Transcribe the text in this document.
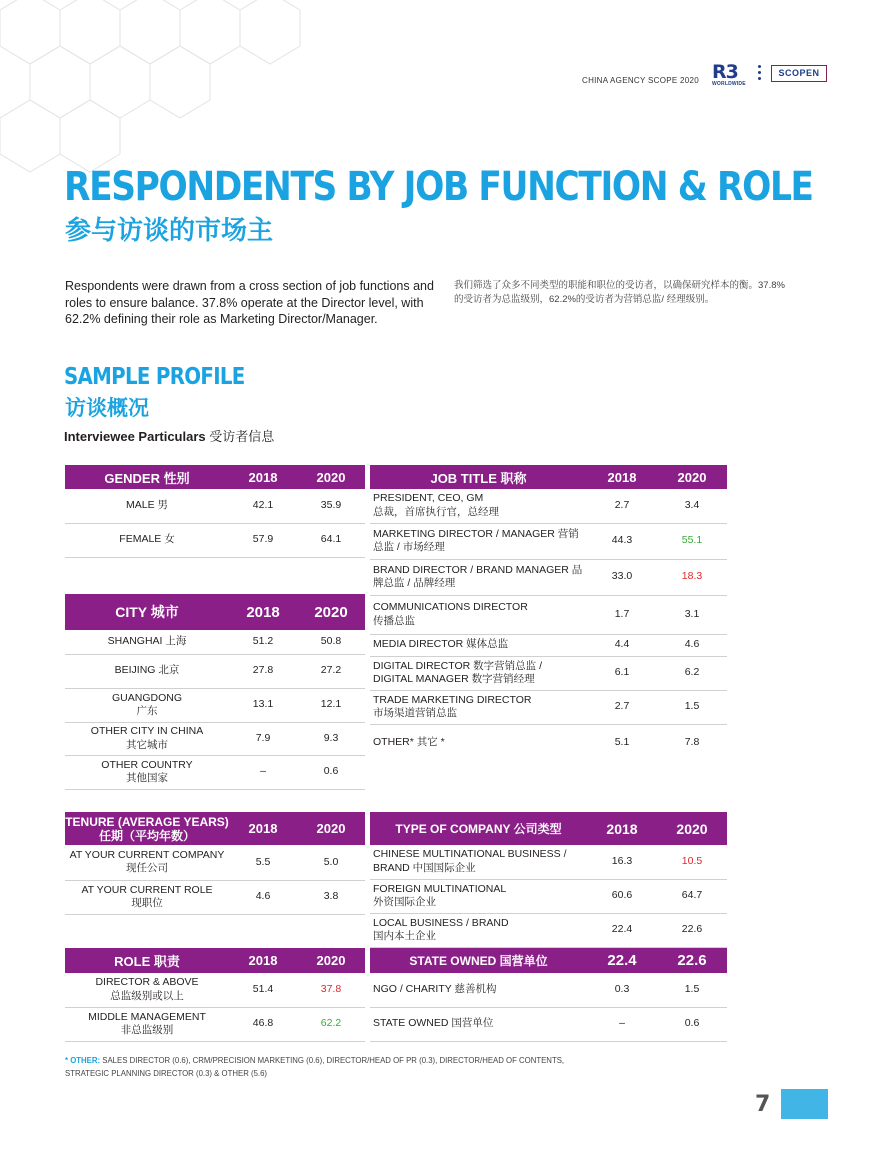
CHINA AGENCY SCOPE 2020 R3
WORLDWIDE
SCOPEN
RESPONDENTS BY JOB FUNCTION & ROLE
参与访谈的市场主
Respondents were drawn from a cross section of job functions and roles to ensure balance. 37.8% operate at the Director level, with 62.2% defining their role as Marketing Director/Manager.
我们筛选了众多不同类型的职能和职位的受访者，以确保研究样本的衡。37.8%的受访者为总监级别，62.2%的受访者为营销总监/ 经理级别。
SAMPLE PROFILE
访谈概况
Interviewee Particulars 受访者信息
GENDER 性别	2018	2020
MALE 男	42.1	35.9
FEMALE 女	57.9	64.1
CITY 城市	2018	2020
SHANGHAI 上海	51.2	50.8
BEIJING 北京	27.8	27.2
GUANGDONG
广东	13.1	12.1
OTHER CITY IN CHINA
其它城市	7.9	9.3
OTHER COUNTRY
其他国家	–	0.6
JOB TITLE 职称	2018	2020
PRESIDENT, CEO, GM
总裁，首席执行官，总经理	2.7	3.4
MARKETING DIRECTOR / MANAGER 营销
总监 / 市场经理	44.3	55.1
BRAND DIRECTOR / BRAND MANAGER 品
牌总监 / 品牌经理	33.0	18.3
COMMUNICATIONS DIRECTOR
传播总监	1.7	3.1
MEDIA DIRECTOR 媒体总监	4.4	4.6
DIGITAL DIRECTOR 数字营销总监 /
DIGITAL MANAGER 数字营销经理	6.1	6.2
TRADE MARKETING DIRECTOR
市场渠道营销总监	2.7	1.5
OTHER* 其它 *	5.1	7.8
TENURE (AVERAGE YEARS)
任期（平均年数）	2018	2020
AT YOUR CURRENT COMPANY
现任公司	5.5	5.0
AT YOUR CURRENT ROLE
现职位	4.6	3.8
ROLE 职责	2018	2020
DIRECTOR & ABOVE
总监级别或以上	51.4	37.8
MIDDLE MANAGEMENT
非总监级别	46.8	62.2
TYPE OF COMPANY 公司类型	2018	2020
CHINESE MULTINATIONAL BUSINESS /
BRAND 中国国际企业	16.3	10.5
FOREIGN MULTINATIONAL
外资国际企业	60.6	64.7
LOCAL BUSINESS / BRAND
国内本土企业	22.4	22.6
STATE OWNED 国营单位	22.4	22.6
NGO / CHARITY 慈善机构	0.3	1.5
STATE OWNED 国营单位	–	0.6
* OTHER: SALES DIRECTOR (0.6), CRM/PRECISION MARKETING (0.6), DIRECTOR/HEAD OF PR (0.3), DIRECTOR/HEAD OF CONTENTS, STRATEGIC PLANNING DIRECTOR (0.3) & OTHER (5.6)
7
